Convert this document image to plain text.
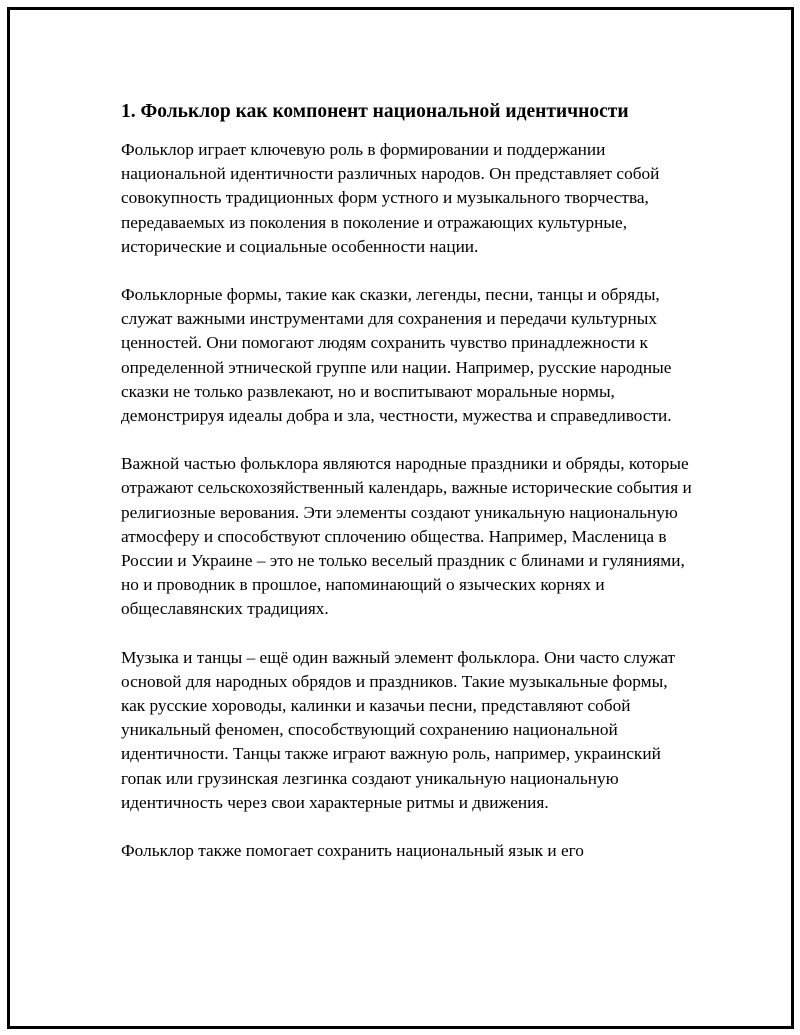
1. Фольклор как компонент национальной идентичности

Фольклор играет ключевую роль в формировании и поддержании национальной идентичности различных народов. Он представляет собой совокупность традиционных форм устного и музыкального творчества, передаваемых из поколения в поколение и отражающих культурные, исторические и социальные особенности нации.

Фольклорные формы, такие как сказки, легенды, песни, танцы и обряды, служат важными инструментами для сохранения и передачи культурных ценностей. Они помогают людям сохранить чувство принадлежности к определенной этнической группе или нации. Например, русские народные сказки не только развлекают, но и воспитывают моральные нормы, демонстрируя идеалы добра и зла, честности, мужества и справедливости.

Важной частью фольклора являются народные праздники и обряды, которые отражают сельскохозяйственный календарь, важные исторические события и религиозные верования. Эти элементы создают уникальную национальную атмосферу и способствуют сплочению общества. Например, Масленица в России и Украине – это не только веселый праздник с блинами и гуляниями, но и проводник в прошлое, напоминающий о языческих корнях и общеславянских традициях.

Музыка и танцы – ещё один важный элемент фольклора. Они часто служат основой для народных обрядов и праздников. Такие музыкальные формы, как русские хороводы, калинки и казачьи песни, представляют собой уникальный феномен, способствующий сохранению национальной идентичности. Танцы также играют важную роль, например, украинский гопак или грузинская лезгинка создают уникальную национальную идентичность через свои характерные ритмы и движения.

Фольклор также помогает сохранить национальный язык и его
